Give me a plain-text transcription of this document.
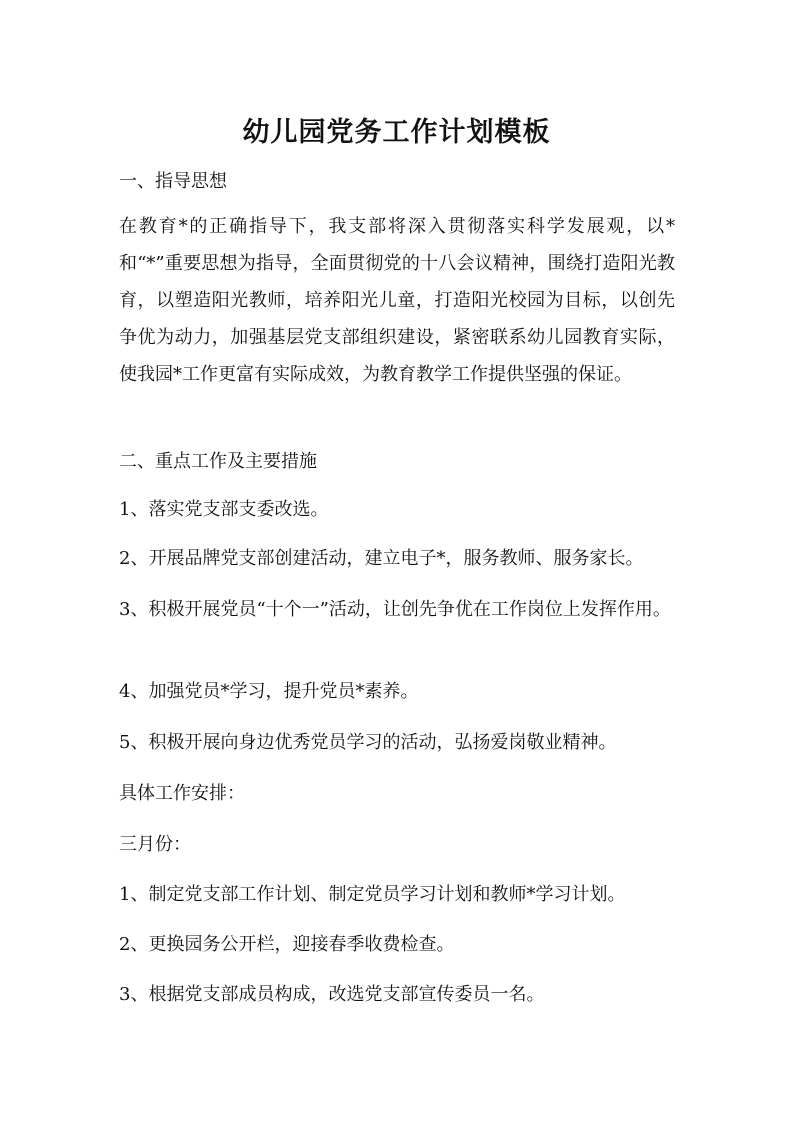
幼儿园党务工作计划模板

一、指导思想

在教育*的正确指导下，我支部将深入贯彻落实科学发展观，以*和“*”重要思想为指导，全面贯彻党的十八会议精神，围绕打造阳光教育，以塑造阳光教师，培养阳光儿童，打造阳光校园为目标，以创先争优为动力，加强基层党支部组织建设，紧密联系幼儿园教育实际，使我园*工作更富有实际成效，为教育教学工作提供坚强的保证。

二、重点工作及主要措施

1、落实党支部支委改选。

2、开展品牌党支部创建活动，建立电子*，服务教师、服务家长。

3、积极开展党员“十个一”活动，让创先争优在工作岗位上发挥作用。

4、加强党员*学习，提升党员*素养。

5、积极开展向身边优秀党员学习的活动，弘扬爱岗敬业精神。

具体工作安排：

三月份：

1、制定党支部工作计划、制定党员学习计划和教师*学习计划。

2、更换园务公开栏，迎接春季收费检查。

3、根据党支部成员构成，改选党支部宣传委员一名。
